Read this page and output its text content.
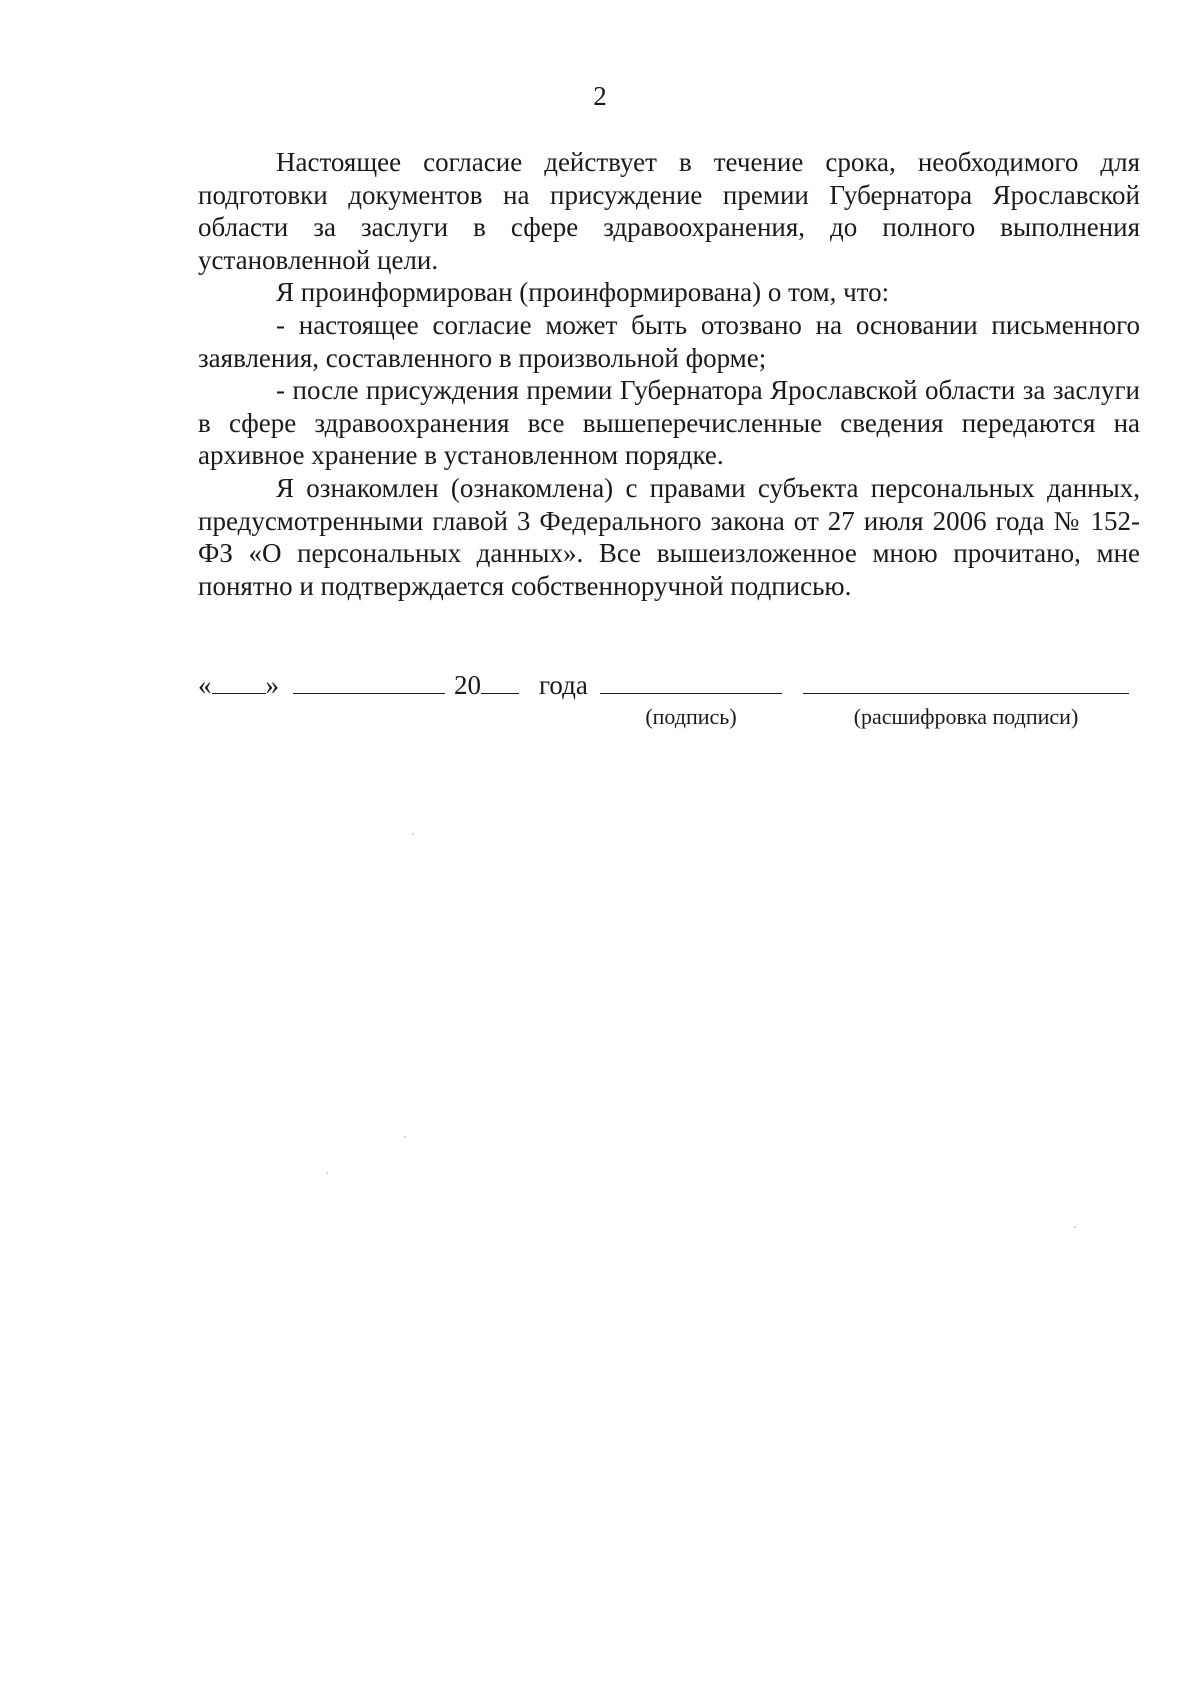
2

Настоящее согласие действует в течение срока, необходимого для подготовки документов на присуждение премии Губернатора Ярославской области за заслуги в сфере здравоохранения, до полного выполнения установленной цели.

Я проинформирован (проинформирована) о том, что:

- настоящее согласие может быть отозвано на основании письменного заявления, составленного в произвольной форме;

- после присуждения премии Губернатора Ярославской области за заслуги в сфере здравоохранения все вышеперечисленные сведения передаются на архивное хранение в установленном порядке.

Я ознакомлен (ознакомлена) с правами субъекта персональных данных, предусмотренными главой 3 Федерального закона от 27 июля 2006 года № 152-ФЗ «О персональных данных». Все вышеизложенное мною прочитано, мне понятно и подтверждается собственноручной подписью.

« »	20	года
(подпись)	(расшифровка подписи)
